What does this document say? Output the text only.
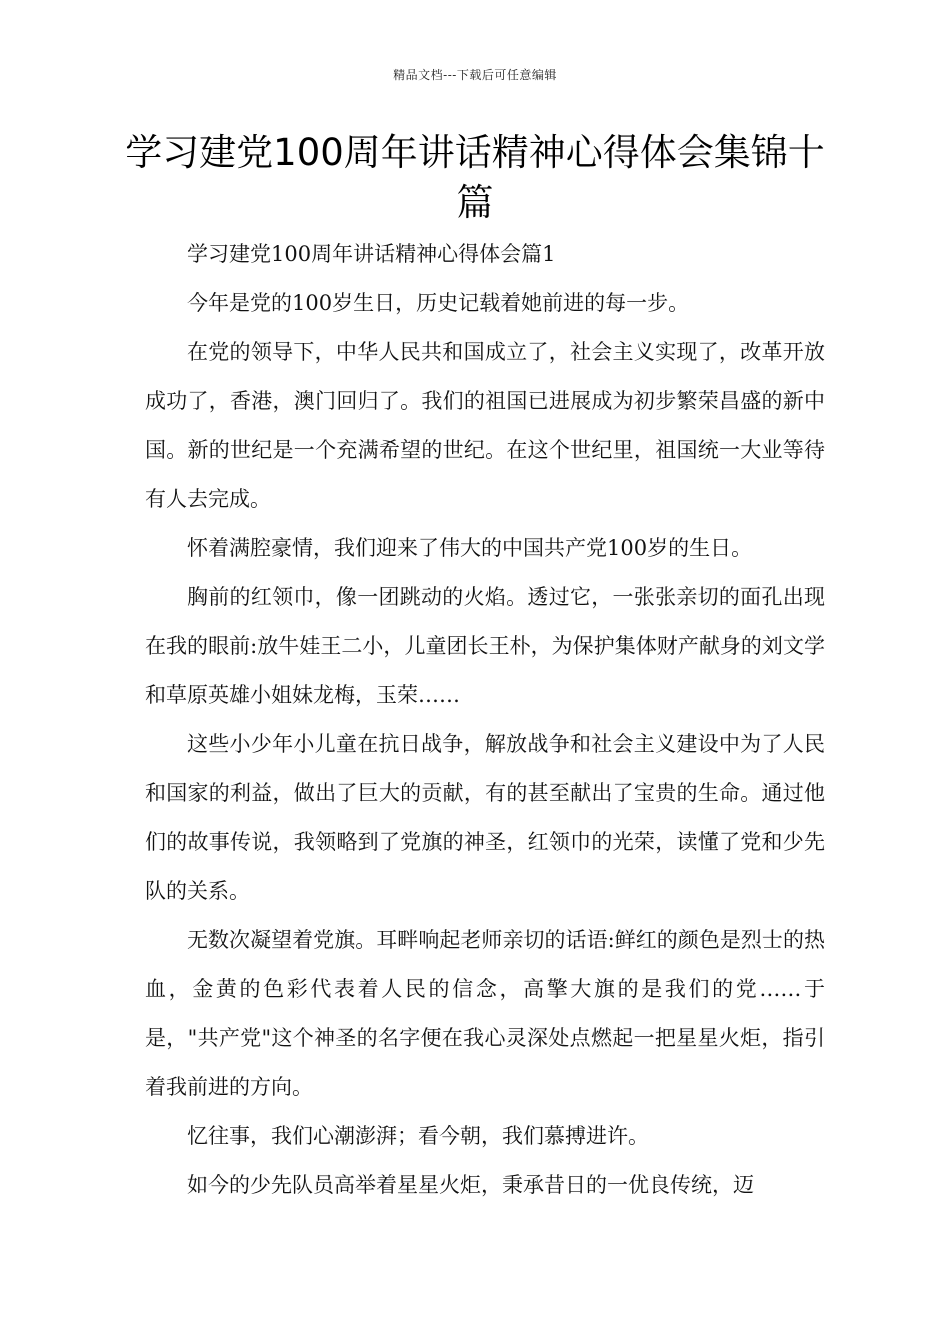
精品文档---下载后可任意编辑
学习建党100周年讲话精神心得体会集锦十篇

学习建党100周年讲话精神心得体会篇1

今年是党的100岁生日，历史记载着她前进的每一步。

在党的领导下，中华人民共和国成立了，社会主义实现了，改革开放成功了，香港，澳门回归了。我们的祖国已进展成为初步繁荣昌盛的新中国。新的世纪是一个充满希望的世纪。在这个世纪里，祖国统一大业等待有人去完成。

怀着满腔豪情，我们迎来了伟大的中国共产党100岁的生日。

胸前的红领巾，像一团跳动的火焰。透过它，一张张亲切的面孔出现在我的眼前:放牛娃王二小，儿童团长王朴，为保护集体财产献身的刘文学和草原英雄小姐妹龙梅，玉荣……

这些小少年小儿童在抗日战争，解放战争和社会主义建设中为了人民和国家的利益，做出了巨大的贡献，有的甚至献出了宝贵的生命。通过他们的故事传说，我领略到了党旗的神圣，红领巾的光荣，读懂了党和少先队的关系。

无数次凝望着党旗。耳畔响起老师亲切的话语:鲜红的颜色是烈士的热血，金黄的色彩代表着人民的信念，高擎大旗的是我们的党……于是，"共产党"这个神圣的名字便在我心灵深处点燃起一把星星火炬，指引着我前进的方向。

忆往事，我们心潮澎湃；看今朝，我们慕搏进许。

如今的少先队员高举着星星火炬，秉承昔日的一优良传统，迈
